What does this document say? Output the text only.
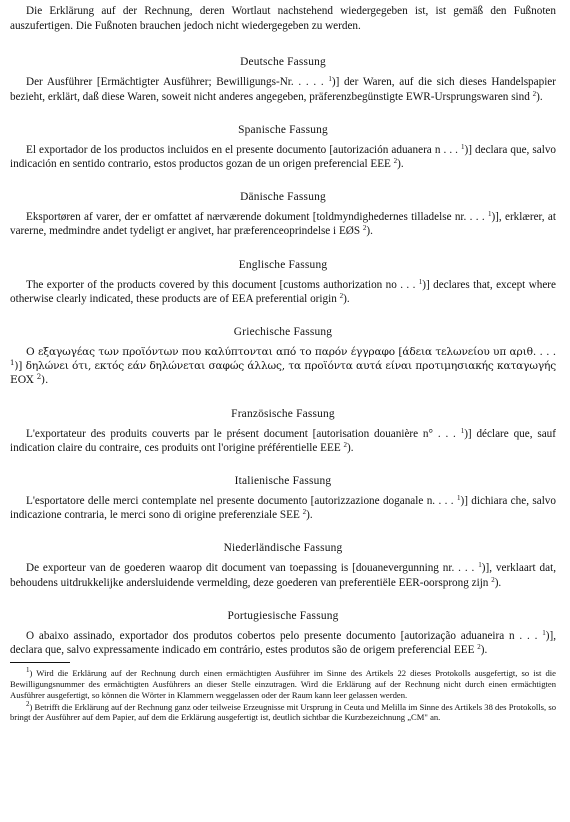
Die Erklärung auf der Rechnung, deren Wortlaut nachstehend wiedergegeben ist, ist gemäß den Fußnoten auszufertigen. Die Fußnoten brauchen jedoch nicht wiedergegeben zu werden.

Deutsche Fassung

Der Ausführer [Ermächtigter Ausführer; Bewilligungs-Nr. . . . . $^1$)] der Waren, auf die sich dieses Handelspapier bezieht, erklärt, daß diese Waren, soweit nicht anderes angegeben, präferenzbegünstigte EWR-Ursprungswaren sind $^2$).

Spanische Fassung

El exportador de los productos incluidos en el presente documento [autorización aduanera n . . . $^1$)] declara que, salvo indicación en sentido contrario, estos productos gozan de un origen preferencial EEE $^2$).

Dänische Fassung

Eksportøren af varer, der er omfattet af nærværende dokument [toldmyndighedernes tilladelse nr. . . . $^1$)], erklærer, at varerne, medmindre andet tydeligt er angivet, har præferenceoprindelse i EØS $^2$).

Englische Fassung

The exporter of the products covered by this document [customs authorization no . . . $^1$)] declares that, except where otherwise clearly indicated, these products are of EEA preferential origin $^2$).

Griechische Fassung

Ο εξαγωγέας των προϊόντων που καλύπτονται από το παρόν έγγραφο [άδεια τελωνείου υπ αριθ. . . . $^1$)] δηλώνει ότι, εκτός εάν δηλώνεται σαφώς άλλως, τα προϊόντα αυτά είναι προτιμησιακής καταγωγής ΕΟΧ $^2$).

Französische Fassung

L'exportateur des produits couverts par le présent document [autorisation douanière n° . . . $^1$)] déclare que, sauf indication claire du contraire, ces produits ont l'origine préférentielle EEE $^2$).

Italienische Fassung

L'esportatore delle merci contemplate nel presente documento [autorizzazione doganale n. . . . $^1$)] dichiara che, salvo indicazione contraria, le merci sono di origine preferenziale SEE $^2$).

Niederländische Fassung

De exporteur van de goederen waarop dit document van toepassing is [douanevergunning nr. . . . $^1$)], verklaart dat, behoudens uitdrukkelijke andersluidende vermelding, deze goederen van preferentiële EER-oorsprong zijn $^2$).

Portugiesische Fassung

O abaixo assinado, exportador dos produtos cobertos pelo presente documento [autorização aduaneira n . . . $^1$)], declara que, salvo expressamente indicado em contrário, estes produtos são de origem preferencial EEE $^2$).

$^1$) Wird die Erklärung auf der Rechnung durch einen ermächtigten Ausführer im Sinne des Artikels 22 dieses Protokolls ausgefertigt, so ist die Bewilligungsnummer des ermächtigten Ausführers an dieser Stelle einzutragen. Wird die Erklärung auf der Rechnung nicht durch einen ermächtigten Ausführer ausgefertigt, so können die Wörter in Klammern weggelassen oder der Raum kann leer gelassen werden.

$^2$) Betrifft die Erklärung auf der Rechnung ganz oder teilweise Erzeugnisse mit Ursprung in Ceuta und Melilla im Sinne des Artikels 38 des Protokolls, so bringt der Ausführer auf dem Papier, auf dem die Erklärung ausgefertigt ist, deutlich sichtbar die Kurzbezeichnung „CM" an.
